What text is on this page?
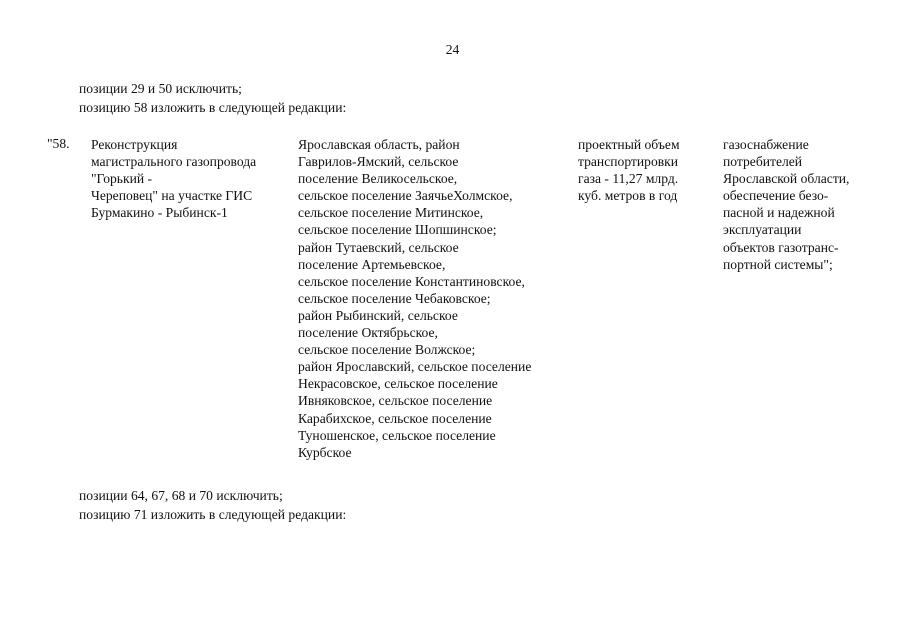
24
позиции 29 и 50 исключить;
позицию 58 изложить в следующей редакции:
"58. Реконструкция
магистрального газопровода
"Горький -
Череповец" на участке ГИС
Бурмакино - Рыбинск-1
Ярославская область, район
Гаврилов-Ямский, сельское
поселение Великосельское,
сельское поселение ЗаячьеХолмское,
сельское поселение Митинское,
сельское поселение Шопшинское;
район Тутаевский, сельское
поселение Артемьевское,
сельское поселение Константиновское,
сельское поселение Чебаковское;
район Рыбинский, сельское
поселение Октябрьское,
сельское поселение Волжское;
район Ярославский, сельское поселение
Некрасовское, сельское поселение
Ивняковское, сельское поселение
Карабихское, сельское поселение
Туношенское, сельское поселение
Курбское
проектный объем
транспортировки
газа - 11,27 млрд.
куб. метров в год
газоснабжение
потребителей
Ярославской области,
обеспечение безо-
пасной и надежной
эксплуатации
объектов газотранс-
портной системы";
позиции 64, 67, 68 и 70 исключить;
позицию 71 изложить в следующей редакции:
